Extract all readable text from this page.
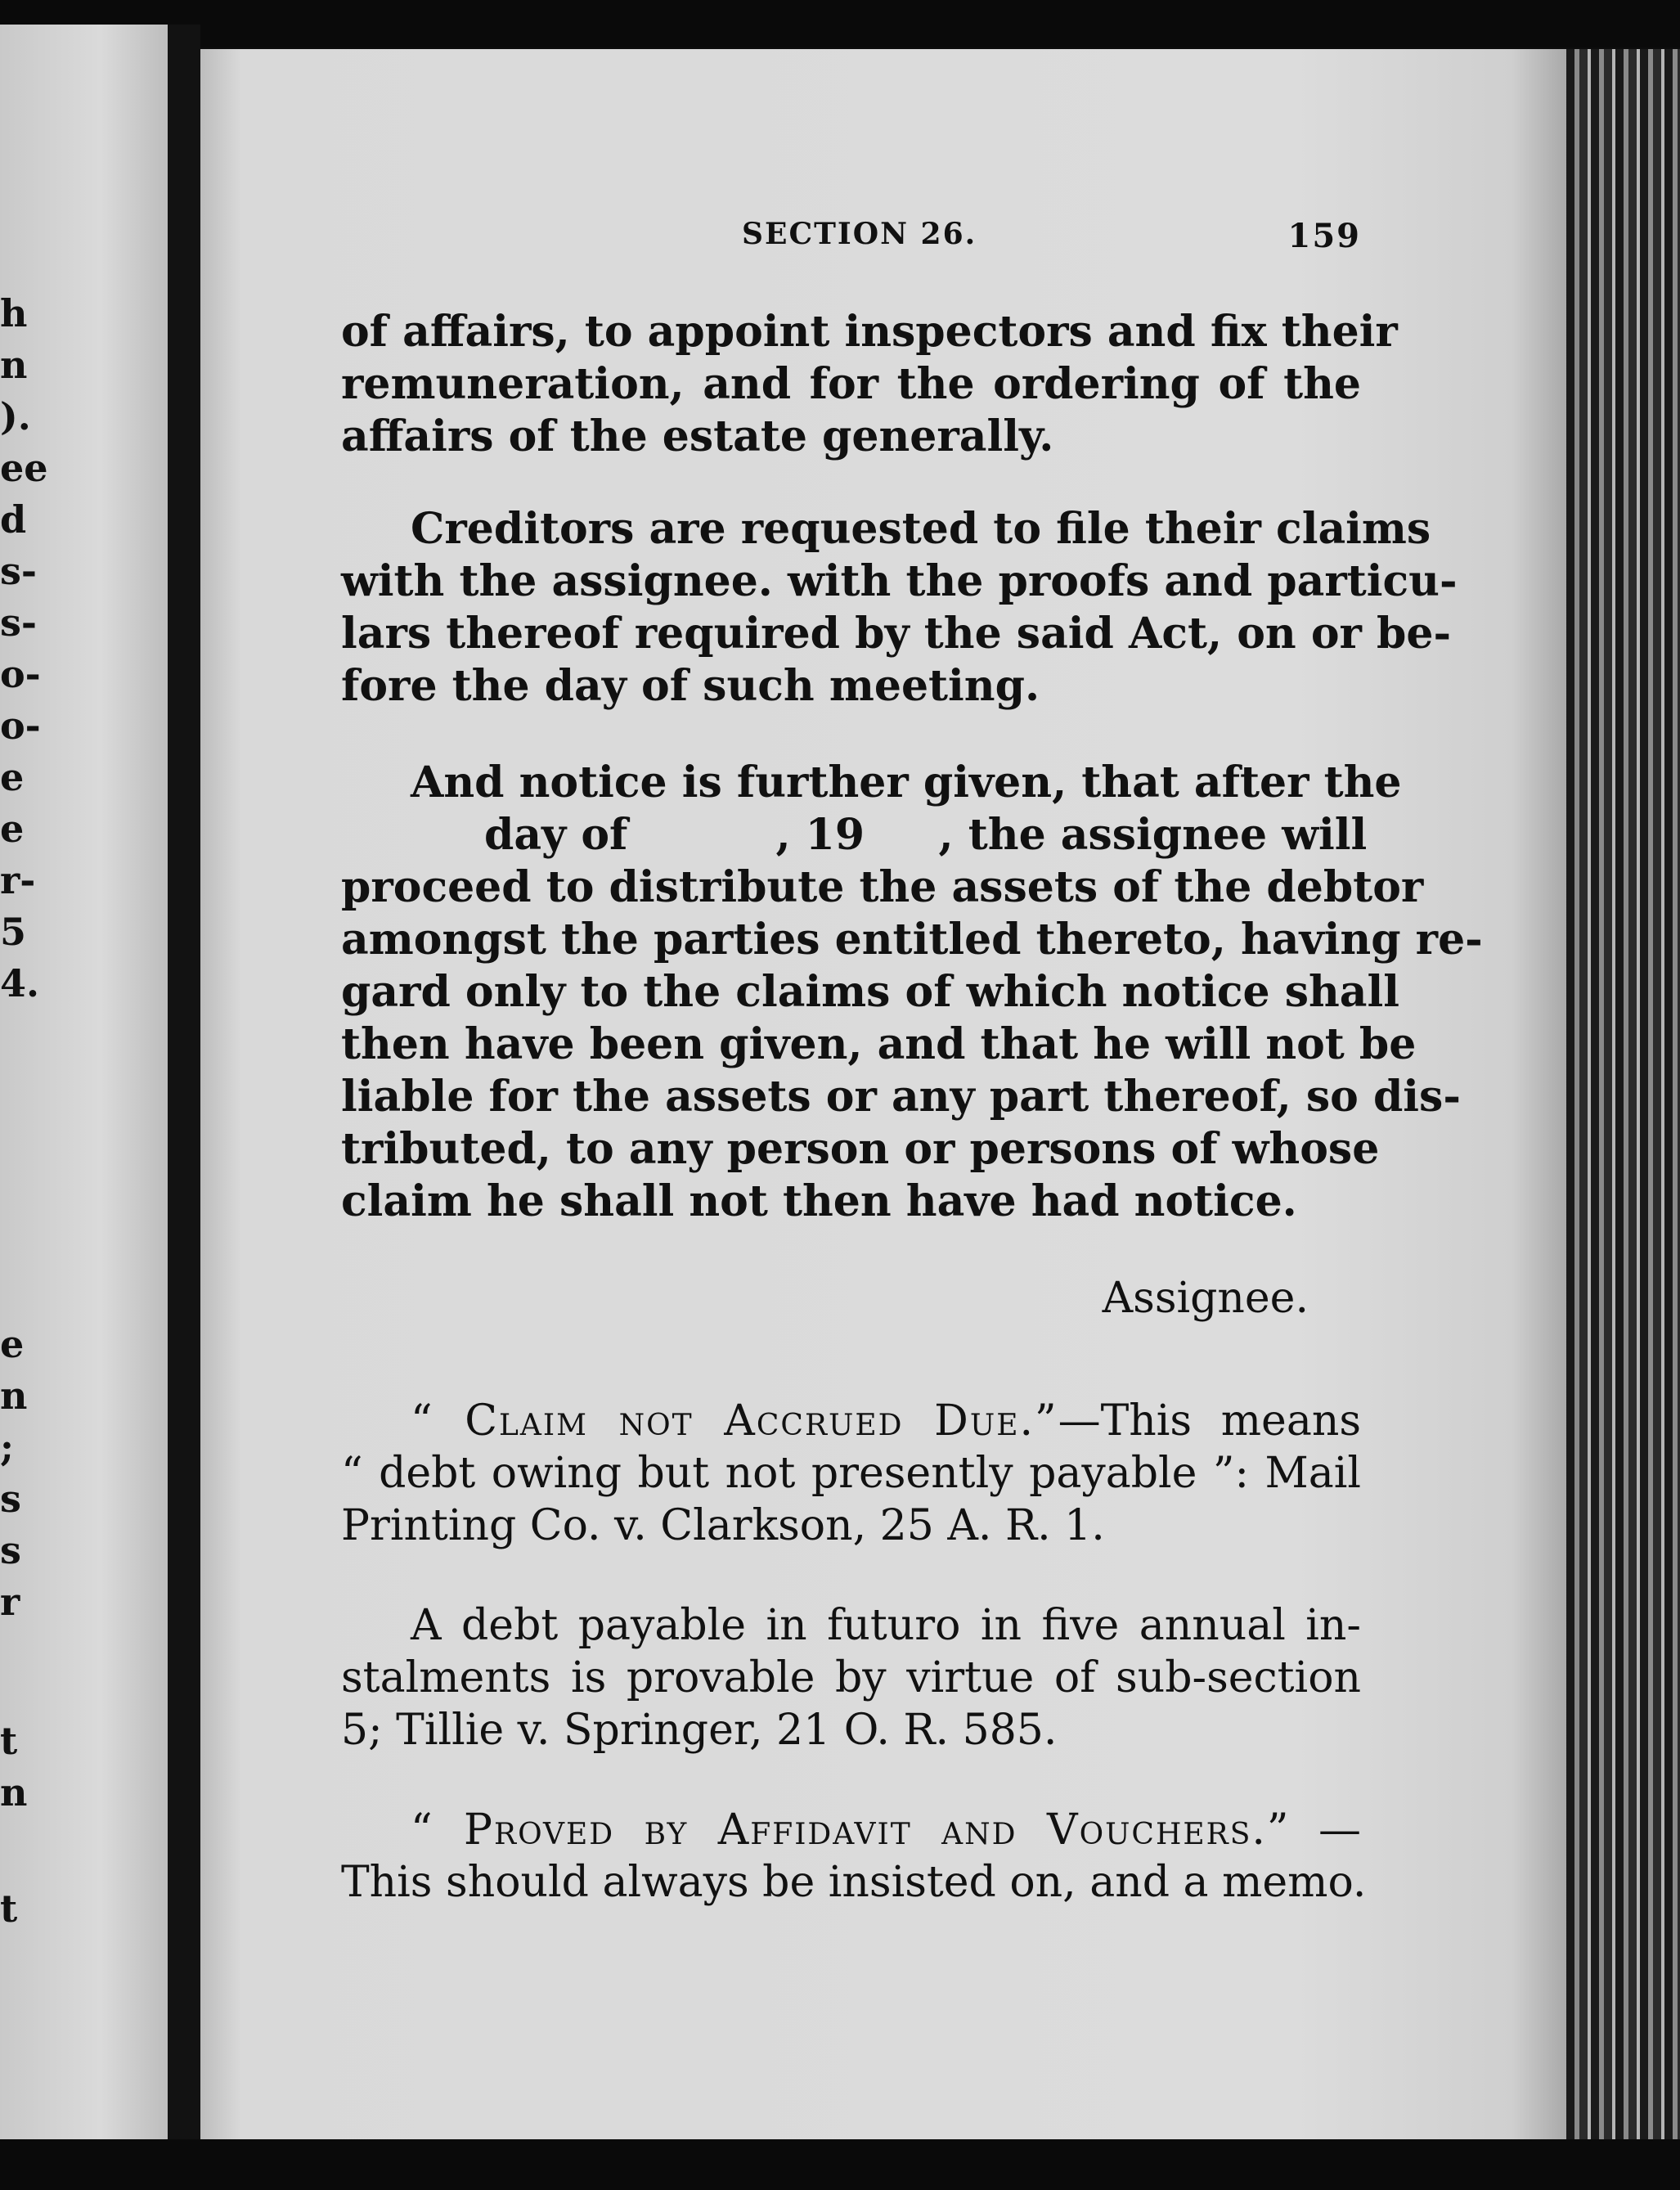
h
n
).
ee
d
s-
s-
o-
o-
e
e
r-
5
4.
e
n
;
s
s
r
t
n
t
SECTION 26.	159
of affairs, to appoint inspectors and fix their
remuneration, and for the ordering of the
affairs of the estate generally.
Creditors are requested to file their claims
with the assignee. with the proofs and particu-
lars thereof required by the said Act, on or be-
fore the day of such meeting.
And notice is further given, that after the
day of          , 19     , the assignee will
proceed to distribute the assets of the debtor
amongst the parties entitled thereto, having re-
gard only to the claims of which notice shall
then have been given, and that he will not be
liable for the assets or any part thereof, so dis-
tributed, to any person or persons of whose
claim he shall not then have had notice.
Assignee.
“ Claim not Accrued Due.”—This means
“ debt owing but not presently payable ”: Mail
Printing Co. v. Clarkson, 25 A. R. 1.
A debt payable in futuro in five annual in-
stalments is provable by virtue of sub-section
5; Tillie v. Springer, 21 O. R. 585.
“ Proved by Affidavit and Vouchers.” —
This should always be insisted on, and a memo.
